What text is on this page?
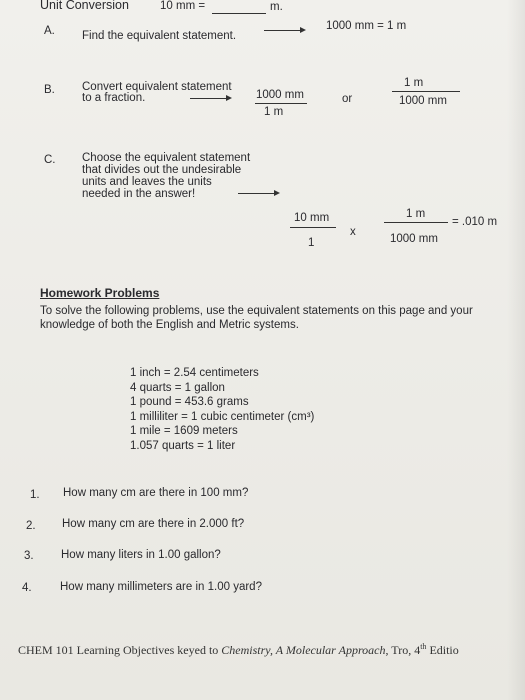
Unit Conversion	10 mm =	m.
A. Find the equivalent statement.
1000 mm = 1 m
B. Convert equivalent statement
to a fraction.	1000 mm
1 m
or
1 m
1000 mm
C. Choose the equivalent statement
that divides out the undesirable
units and leaves the units
needed in the answer!
10 mm
1
x
1 m
1000 mm
= .010 m
Homework Problems
To solve the following problems, use the equivalent statements on this page and your
knowledge of both the English and Metric systems.
1 inch = 2.54 centimeters
4 quarts = 1 gallon
1 pound = 453.6 grams
1 milliliter = 1 cubic centimeter (cm³)
1 mile = 1609 meters
1.057 quarts = 1 liter
1. How many cm are there in 100 mm?
2. How many cm are there in 2.000 ft?
3. How many liters in 1.00 gallon?
4. How many millimeters are in 1.00 yard?
CHEM 101 Learning Objectives keyed to Chemistry, A Molecular Approach, Tro, 4th Editio
